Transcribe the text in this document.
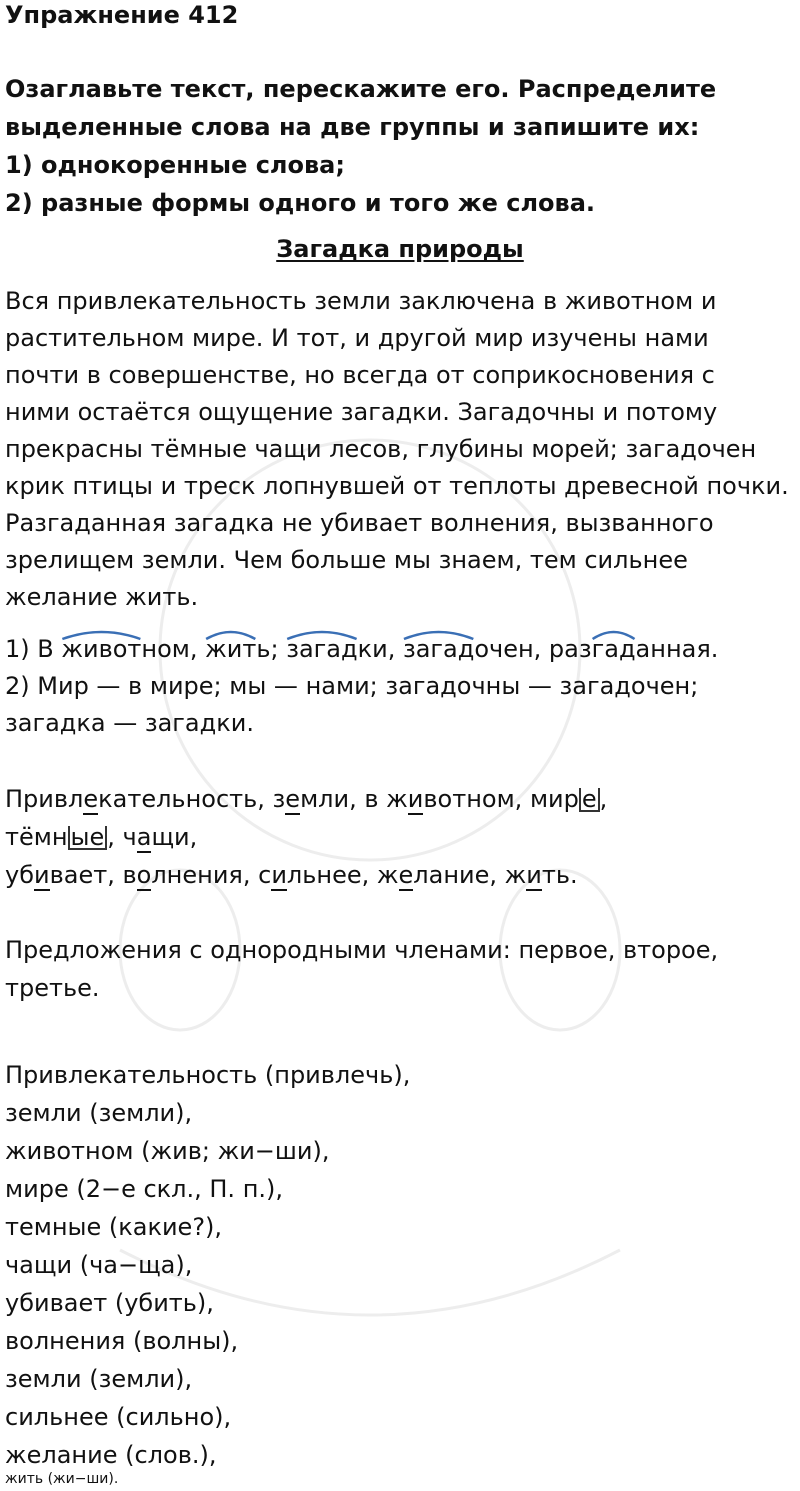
Упражнение 412
Озаглавьте текст, перескажите его. Распределите
выделенные слова на две группы и запишите их:
1) однокоренные слова;
2) разные формы одного и того же слова.
Загадка природы
Вся привлекательность земли заключена в животном и
растительном мире. И тот, и другой мир изучены нами
почти в совершенстве, но всегда от соприкосновения с
ними остаётся ощущение загадки. Загадочны и потому
прекрасны тёмные чащи лесов, глубины морей; загадочен
крик птицы и треск лопнувшей от теплоты древесной почки.
Разгаданная загадка не убивает волнения, вызванного
зрелищем земли. Чем больше мы знаем, тем сильнее
желание жить.
1) В животном, жить; загадки, загадочен, разгаданная.
2) Мир — в мире; мы — нами; загадочны — загадочен;
загадка — загадки.
Привлекательность, земли, в животном, мир е ,
тёмн ые , чащи,
убивает, волнения, сильнее, желание, жить.
Предложения с однородными членами: первое, второе,
третье.
Привлекательность (привлечь),
земли (земли),
животном (жив; жи−ши),
мире (2−е скл., П. п.),
темные (какие?),
чащи (ча−ща),
убивает (убить),
волнения (волны),
земли (земли),
сильнее (сильно),
желание (слов.),
жить (жи−ши).
